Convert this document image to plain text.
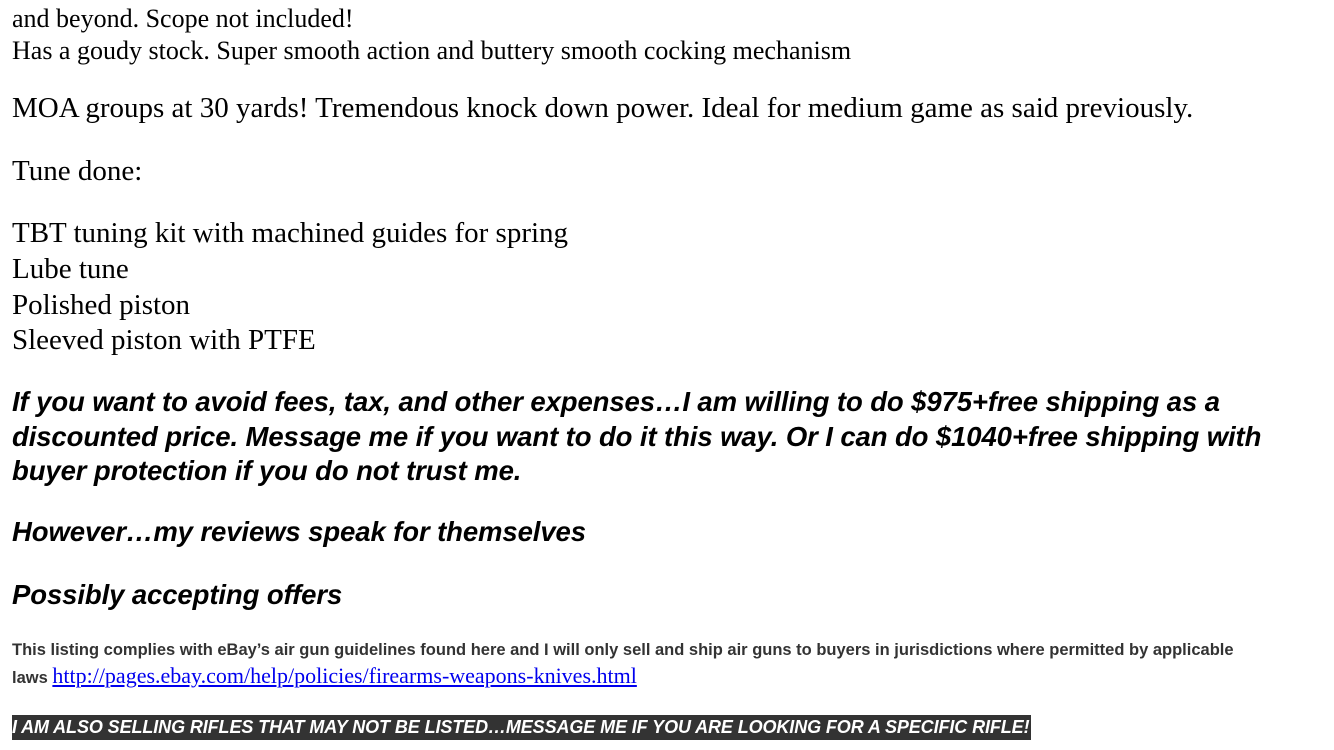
and beyond. Scope not included!
Has a goudy stock. Super smooth action and buttery smooth cocking mechanism
MOA groups at 30 yards! Tremendous knock down power. Ideal for medium game as said previously.
Tune done:
TBT tuning kit with machined guides for spring
Lube tune
Polished piston
Sleeved piston with PTFE
If you want to avoid fees, tax, and other expenses…I am willing to do $975+free shipping as a
discounted price. Message me if you want to do it this way. Or I can do $1040+free shipping with
buyer protection if you do not trust me.
However…my reviews speak for themselves
Possibly accepting offers
This listing complies with eBay’s air gun guidelines found here and I will only sell and ship air guns to buyers in jurisdictions where permitted by applicable laws http://pages.ebay.com/help/policies/firearms-weapons-knives.html
I AM ALSO SELLING RIFLES THAT MAY NOT BE LISTED…MESSAGE ME IF YOU ARE LOOKING FOR A SPECIFIC RIFLE!
